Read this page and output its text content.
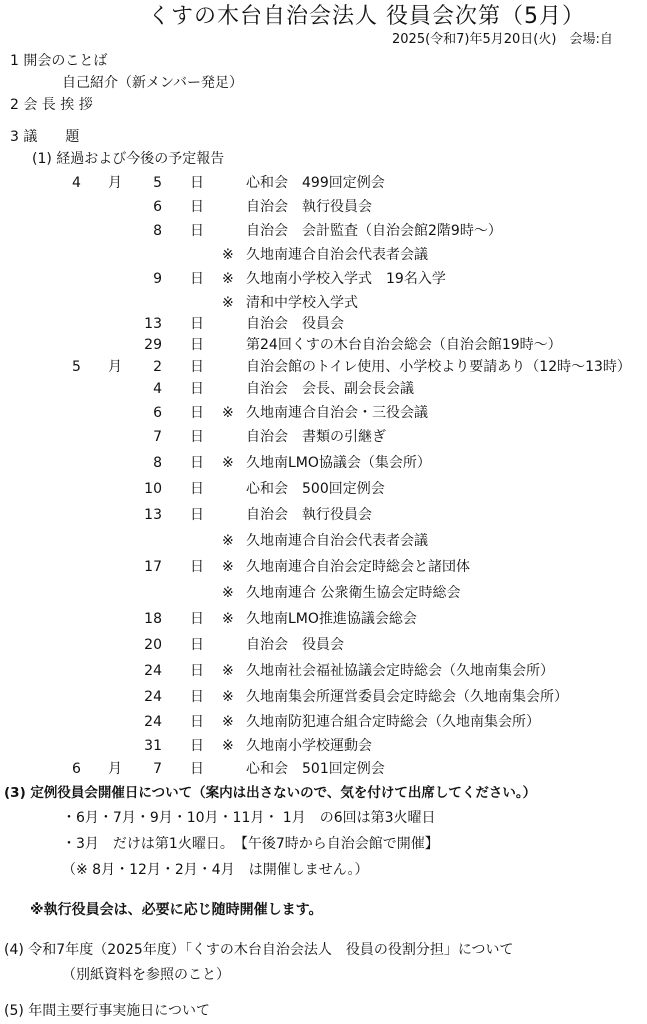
くすの木台自治会法人 役員会次第（5月）
2025(令和7)年5月20日(火)　会場:自
1 開会のことば
自己紹介（新メンバー発足）
2 会 長 挨 拶
3 議　　題
(1) 経過および今後の予定報告
4 月	5 日	心和会　499回定例会
6 日	自治会　執行役員会
8 日	自治会　会計監査（自治会館2階9時～）
※ 久地南連合自治会代表者会議
9 日 ※ 久地南小学校入学式　19名入学
※ 清和中学校入学式
13 日	自治会　役員会
29 日	第24回くすの木台自治会総会（自治会館19時～）
5 月	2 日	自治会館のトイレ使用、小学校より要請あり（12時～13時）
4 日	自治会　会長、副会長会議
6 日 ※ 久地南連合自治会・三役会議
7 日	自治会　書類の引継ぎ
8 日 ※ 久地南LMO協議会（集会所）
10 日	心和会　500回定例会
13 日	自治会　執行役員会
※ 久地南連合自治会代表者会議
17 日 ※ 久地南連合自治会定時総会と諸団体
※ 久地南連合 公衆衛生協会定時総会
18 日 ※ 久地南LMO推進協議会総会
20 日	自治会　役員会
24 日 ※ 久地南社会福祉協議会定時総会（久地南集会所）
24 日 ※ 久地南集会所運営委員会定時総会（久地南集会所）
24 日 ※ 久地南防犯連合組合定時総会（久地南集会所）
31 日 ※ 久地南小学校運動会
6 月	7 日	心和会　501回定例会
(3) 定例役員会開催日について（案内は出さないので、気を付けて出席してください。）
・6月・7月・9月・10月・11月・ 1月　の6回は第3火曜日
・3月　だけは第1火曜日。　【午後7時から自治会館で開催】
（※ 8月・12月・2月・4月　は開催しません。）
※執行役員会は、必要に応じ随時開催します。
(4) 令和7年度（2025年度）「くすの木台自治会法人　役員の役割分担」について
（別紙資料を参照のこと）
(5) 年間主要行事実施日について
